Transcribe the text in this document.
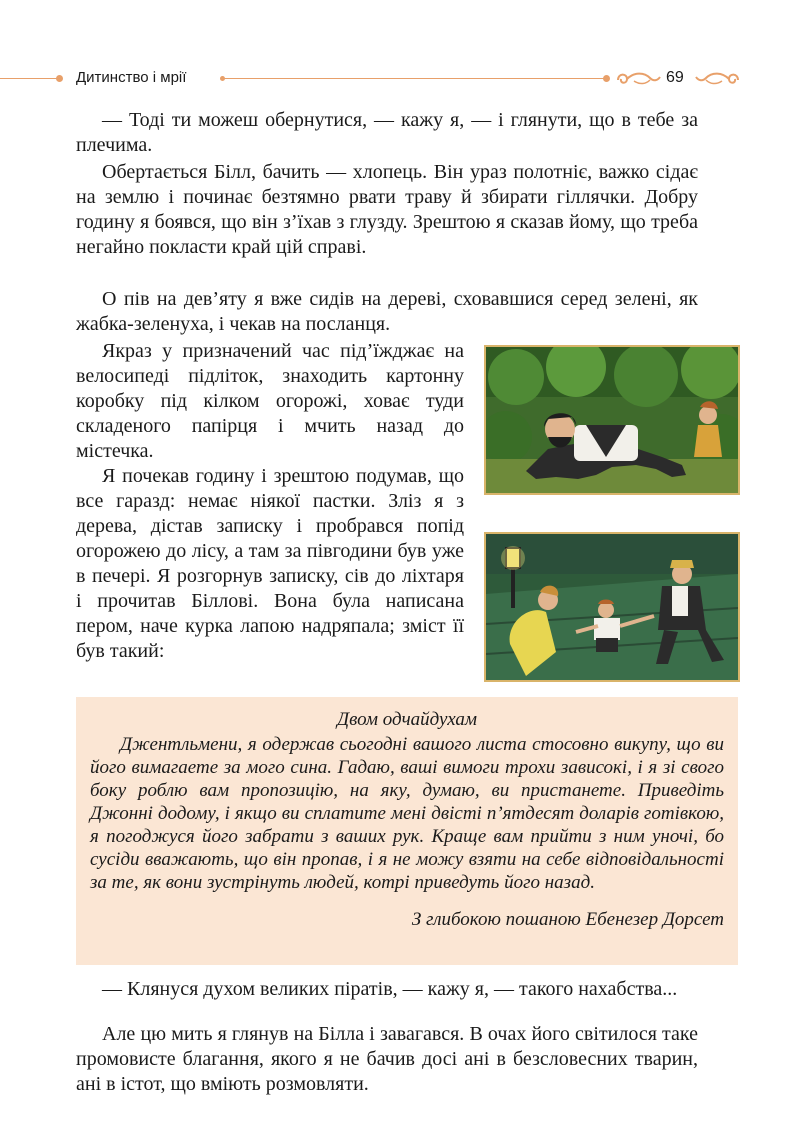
Дитинство і мрії	69

— Тоді ти можеш обернутися, — кажу я, — і глянути, що в тебе за плечима.

Обертається Білл, бачить — хлопець. Він ураз полотніє, важко сідає на землю і починає безтямно рвати траву й збирати гіллячки. Добру годину я боявся, що він з’їхав з глузду. Зрештою я сказав йому, що треба негайно покласти край цій справі.

О пів на дев’яту я вже сидів на дереві, сховавшися серед зелені, як жабка-зеленуха, і чекав на посланця.

Якраз у призначений час під’їжджає на велосипеді підліток, знаходить картонну коробку під кілком огорожі, ховає туди складеного папірця і мчить назад до містечка.

Я почекав годину і зрештою подумав, що все гаразд: немає ніякої пастки. Зліз я з дерева, дістав записку і пробрався попід огорожею до лісу, а там за півгодини був уже в печері. Я розгорнув записку, сів до ліхтаря і прочитав Білловi. Вона була написана пером, наче курка лапою надряпала; зміст її був такий:

Двом одчайдухам

Джентльмени, я одержав сьогодні вашого листа стосовно викупу, що ви його вимагаете за мого сина. Гадаю, ваші вимоги трохи зависокі, і я зі свого боку роблю вам пропозицію, на яку, думаю, ви пристанете. Приведіть Джонні додому, і якщо ви сплатите мені двісті п’ятдесят доларів готівкою, я погоджуся його забрати з ваших рук. Краще вам прийти з ним уночі, бо сусіди вважають, що він пропав, і я не можу взяти на себе відповідальності за те, як вони зустрінуть людей, котрі приведуть його назад.

З глибокою пошаною Ебенезер Дорсет

— Клянуся духом великих піратів, — кажу я, — такого нахабства...

Але цю мить я глянув на Білла і завагався. В очах його світилося таке промовисте благання, якого я не бачив досі ані в безсловесних тварин, ані в істот, що вміють розмовляти.
